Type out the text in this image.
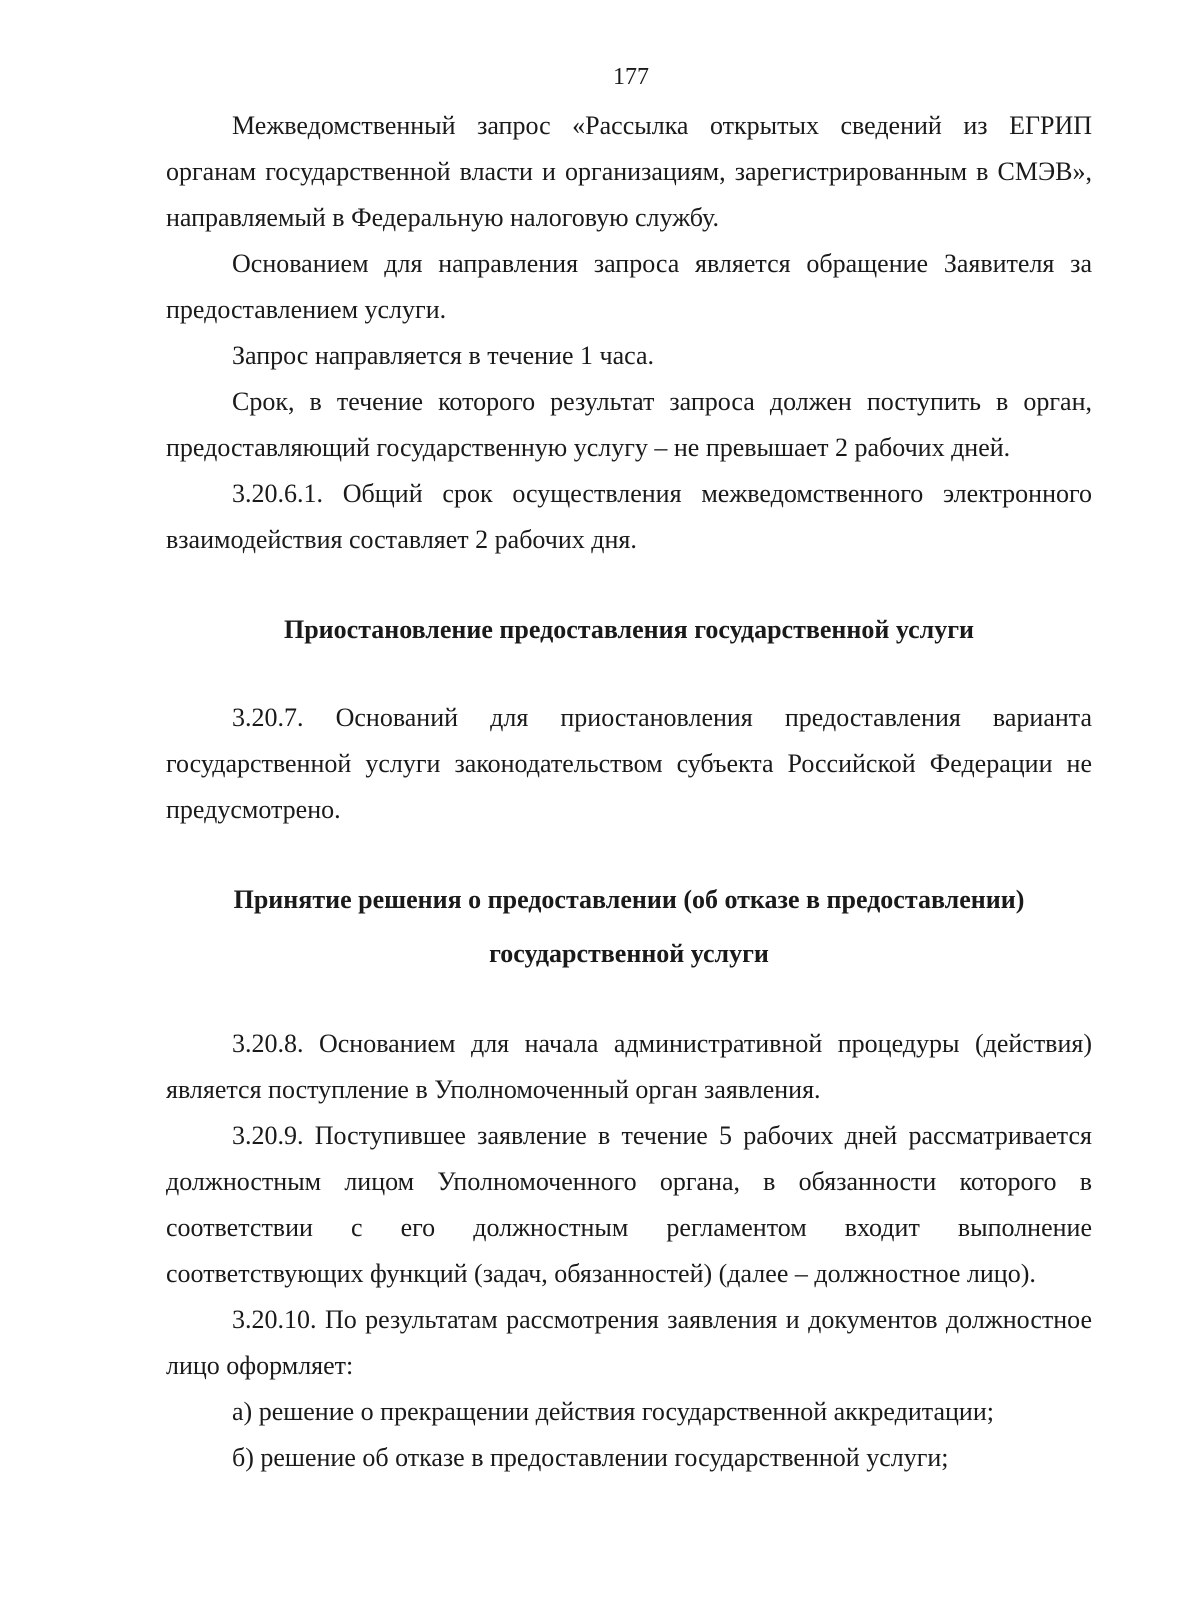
177

Межведомственный запрос «Рассылка открытых сведений из ЕГРИП органам государственной власти и организациям, зарегистрированным в СМЭВ», направляемый в Федеральную налоговую службу.

Основанием для направления запроса является обращение Заявителя за предоставлением услуги.

Запрос направляется в течение 1 часа.

Срок, в течение которого результат запроса должен поступить в орган, предоставляющий государственную услугу – не превышает 2 рабочих дней.

3.20.6.1. Общий срок осуществления межведомственного электронного взаимодействия составляет 2 рабочих дня.

Приостановление предоставления государственной услуги

3.20.7. Оснований для приостановления предоставления варианта государственной услуги законодательством субъекта Российской Федерации не предусмотрено.

Принятие решения о предоставлении (об отказе в предоставлении)
государственной услуги

3.20.8. Основанием для начала административной процедуры (действия) является поступление в Уполномоченный орган заявления.

3.20.9. Поступившее заявление в течение 5 рабочих дней рассматривается должностным лицом Уполномоченного органа, в обязанности которого в соответствии с его должностным регламентом входит выполнение соответствующих функций (задач, обязанностей) (далее – должностное лицо).

3.20.10. По результатам рассмотрения заявления и документов должностное лицо оформляет:

а) решение о прекращении действия государственной аккредитации;

б) решение об отказе в предоставлении государственной услуги;
